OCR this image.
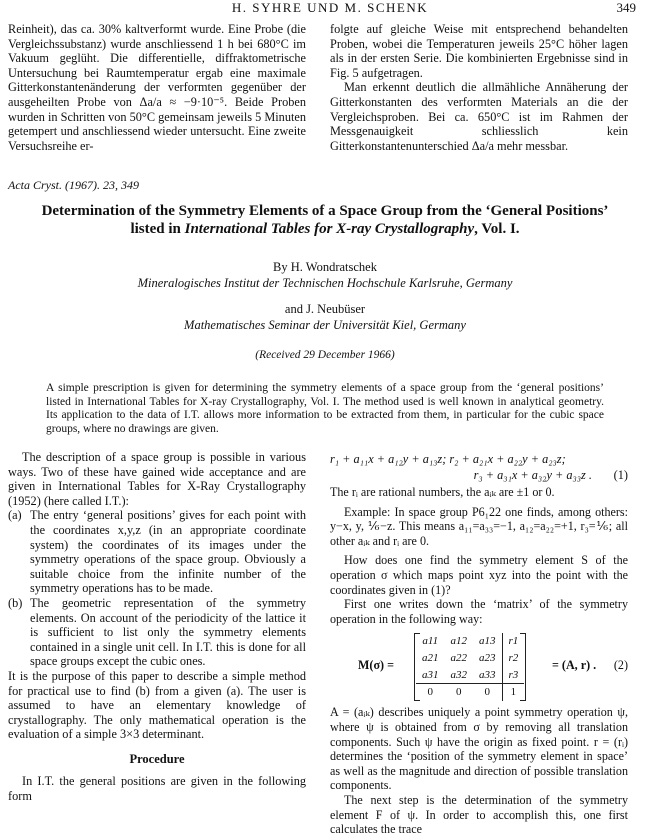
H. SYHRE UND M. SCHENK	349

Reinheit), das ca. 30% kaltverformt wurde. Eine Probe (die Vergleichssubstanz) wurde anschliessend 1 h bei 680°C im Vakuum geglüht. Die differentielle, diffraktometrische Untersuchung bei Raumtemperatur ergab eine maximale Gitterkonstantenänderung der verformten gegenüber der ausgeheilten Probe von Δa/a ≈ −9·10⁻⁵. Beide Proben wurden in Schritten von 50°C gemeinsam jeweils 5 Minuten getempert und anschliessend wieder untersucht. Eine zweite Versuchsreihe er-

folgte auf gleiche Weise mit entsprechend behandelten Proben, wobei die Temperaturen jeweils 25°C höher lagen als in der ersten Serie. Die kombinierten Ergebnisse sind in Fig. 5 aufgetragen.

Man erkennt deutlich die allmähliche Annäherung der Gitterkonstanten des verformten Materials an die der Vergleichsproben. Bei ca. 650°C ist im Rahmen der Messgenauigkeit schliesslich kein Gitterkonstantenunterschied Δa/a mehr messbar.

Acta Cryst. (1967). 23, 349
Determination of the Symmetry Elements of a Space Group from the ‘General Positions’
listed in International Tables for X-ray Crystallography, Vol. I.
By H. Wondratschek
Mineralogisches Institut der Technischen Hochschule Karlsruhe, Germany
and J. Neubüser
Mathematisches Seminar der Universität Kiel, Germany
(Received 29 December 1966)
A simple prescription is given for determining the symmetry elements of a space group from the ‘general positions’ listed in International Tables for X-ray Crystallography, Vol. I. The method used is well known in analytical geometry. Its application to the data of I.T. allows more information to be extracted from them, in particular for the cubic space groups, where no drawings are given.

The description of a space group is possible in various ways. Two of these have gained wide acceptance and are given in International Tables for X-Ray Crystallography (1952) (here called I.T.):

(a) The entry ‘general positions’ gives for each point with the coordinates x,y,z (in an appropriate coordinate system) the coordinates of its images under the symmetry operations of the space group. Obviously a suitable choice from the infinite number of the symmetry operations has to be made.
(b) The geometric representation of the symmetry elements. On account of the periodicity of the lattice it is sufficient to list only the symmetry elements contained in a single unit cell. In I.T. this is done for all space groups except the cubic ones.

It is the purpose of this paper to describe a simple method for practical use to find (b) from a given (a). The user is assumed to have an elementary knowledge of crystallography. The only mathematical operation is the evaluation of a simple 3×3 determinant.

Procedure

In I.T. the general positions are given in the following form

r₁ + a₁₁x + a₁₂y + a₁₃z; r₂ + a₂₁x + a₂₂y + a₂₃z;
r₃ + a₃₁x + a₃₂y + a₃₃z . (1)

The rᵢ are rational numbers, the aᵢₖ are ±1 or 0.

Example: In space group P6₁22 one finds, among others: y−x, y, ⅙−z. This means a₁₁=a₃₃=−1, a₁₂=a₂₂=+1, r₃=⅙; all other aᵢₖ and rᵢ are 0.

How does one find the symmetry element S of the operation σ which maps point xyz into the point with the coordinates given in (1)?

First one writes down the ‘matrix’ of the symmetry operation in the following way:

M(σ) =
a11	a12	a13	r1
a21	a22	a23	r2
a31	a32	a33	r3
0	0	0	1
= (A, r) . (2)

A = (aᵢₖ) describes uniquely a point symmetry operation ψ, where ψ is obtained from σ by removing all translation components. Such ψ have the origin as fixed point. r = (rᵢ) determines the ‘position of the symmetry element in space’ as well as the magnitude and direction of possible translation components.

The next step is the determination of the symmetry element F of ψ. In order to accomplish this, one first calculates the trace
